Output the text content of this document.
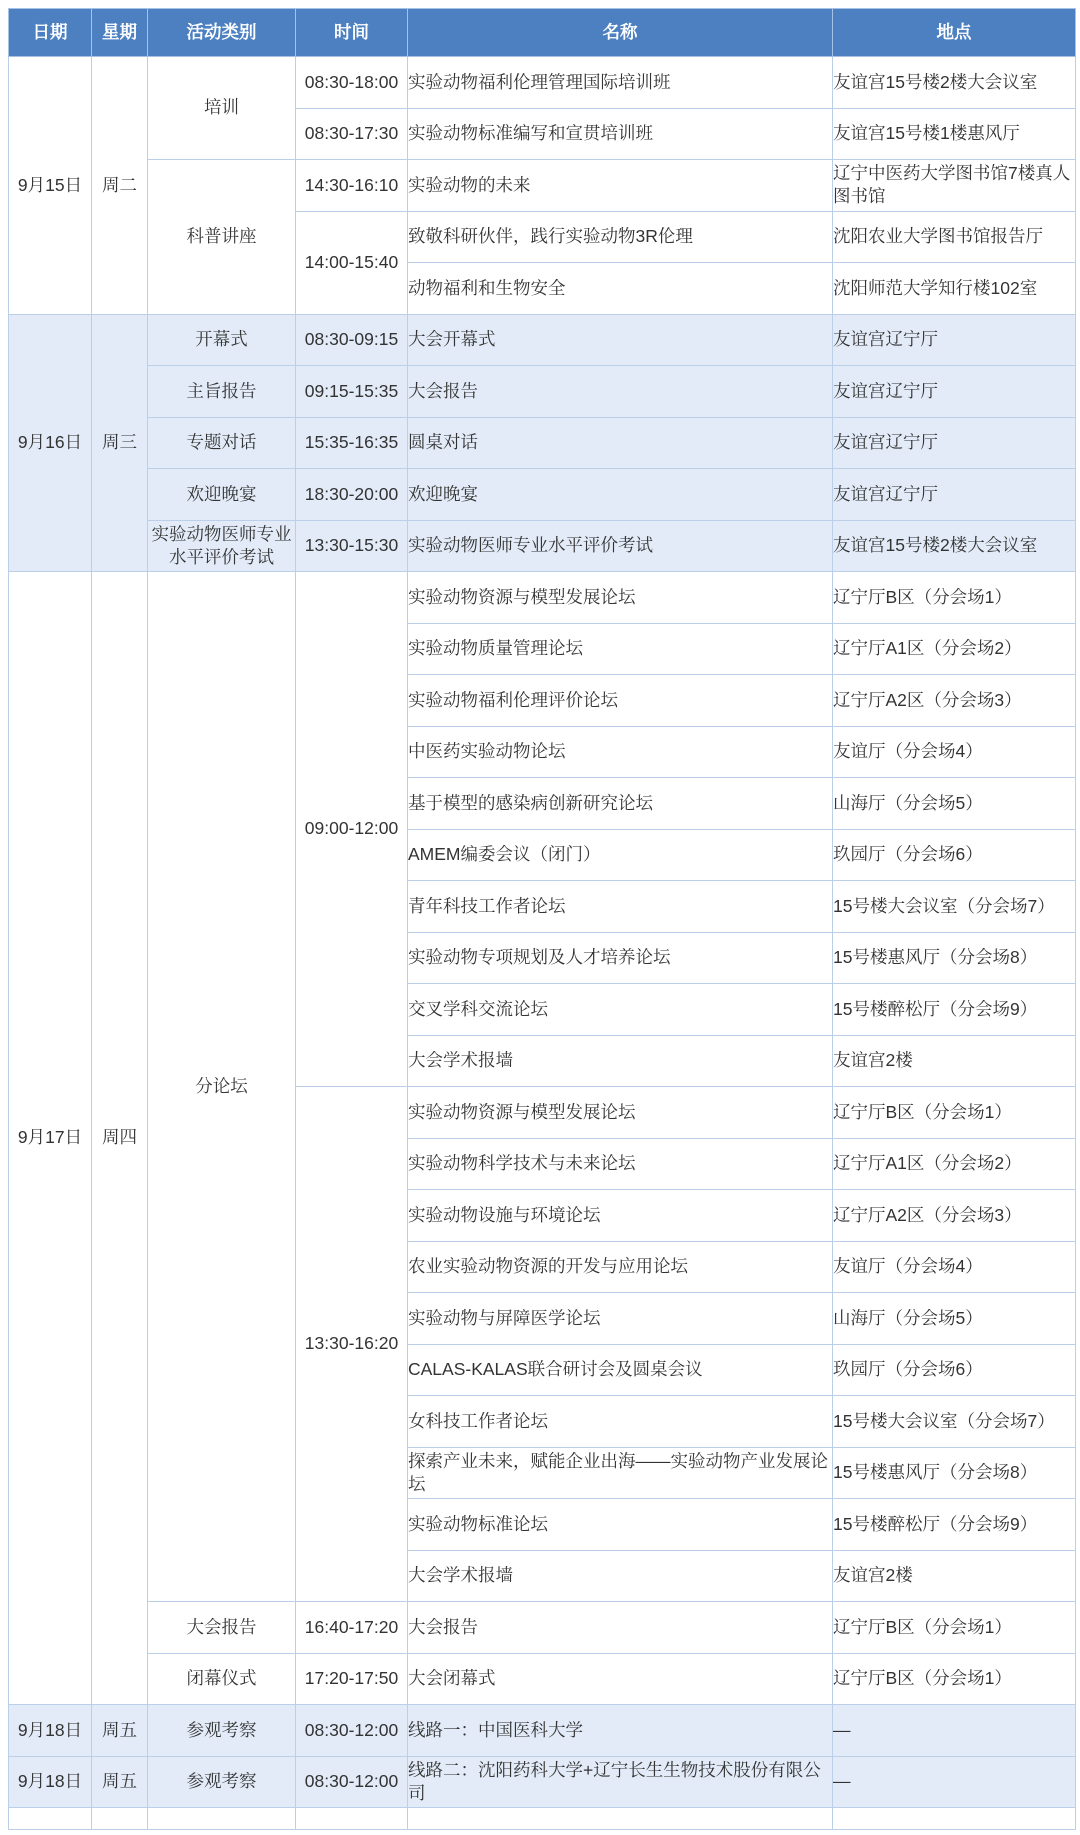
日期	星期	活动类别	时间	名称	地点
9月15日	周二	培训	08:30-18:00	实验动物福利伦理管理国际培训班	友谊宫15号楼2楼大会议室
			08:30-17:30	实验动物标准编写和宣贯培训班	友谊宫15号楼1楼惠风厅
		科普讲座	14:30-16:10	实验动物的未来	辽宁中医药大学图书馆7楼真人图书馆
			14:00-15:40	致敬科研伙伴，践行实验动物3R伦理	沈阳农业大学图书馆报告厅
				动物福利和生物安全	沈阳师范大学知行楼102室
9月16日	周三	开幕式	08:30-09:15	大会开幕式	友谊宫辽宁厅
		主旨报告	09:15-15:35	大会报告	友谊宫辽宁厅
		专题对话	15:35-16:35	圆桌对话	友谊宫辽宁厅
		欢迎晚宴	18:30-20:00	欢迎晚宴	友谊宫辽宁厅
		实验动物医师专业水平评价考试	13:30-15:30	实验动物医师专业水平评价考试	友谊宫15号楼2楼大会议室
9月17日	周四	分论坛	09:00-12:00	实验动物资源与模型发展论坛	辽宁厅B区（分会场1）
				实验动物质量管理论坛	辽宁厅A1区（分会场2）
				实验动物福利伦理评价论坛	辽宁厅A2区（分会场3）
				中医药实验动物论坛	友谊厅（分会场4）
				基于模型的感染病创新研究论坛	山海厅（分会场5）
				AMEM编委会议（闭门）	玖园厅（分会场6）
				青年科技工作者论坛	15号楼大会议室（分会场7）
				实验动物专项规划及人才培养论坛	15号楼惠风厅（分会场8）
				交叉学科交流论坛	15号楼醉松厅（分会场9）
				大会学术报墙	友谊宫2楼
			13:30-16:20	实验动物资源与模型发展论坛	辽宁厅B区（分会场1）
				实验动物科学技术与未来论坛	辽宁厅A1区（分会场2）
				实验动物设施与环境论坛	辽宁厅A2区（分会场3）
				农业实验动物资源的开发与应用论坛	友谊厅（分会场4）
				实验动物与屏障医学论坛	山海厅（分会场5）
				CALAS-KALAS联合研讨会及圆桌会议	玖园厅（分会场6）
				女科技工作者论坛	15号楼大会议室（分会场7）
				探索产业未来，赋能企业出海——实验动物产业发展论坛	15号楼惠风厅（分会场8）
				实验动物标准论坛	15号楼醉松厅（分会场9）
				大会学术报墙	友谊宫2楼
		大会报告	16:40-17:20	大会报告	辽宁厅B区（分会场1）
		闭幕仪式	17:20-17:50	大会闭幕式	辽宁厅B区（分会场1）
9月18日	周五	参观考察	08:30-12:00	线路一：中国医科大学	—
9月18日	周五	参观考察	08:30-12:00	线路二：沈阳药科大学+辽宁长生生物技术股份有限公司	—
